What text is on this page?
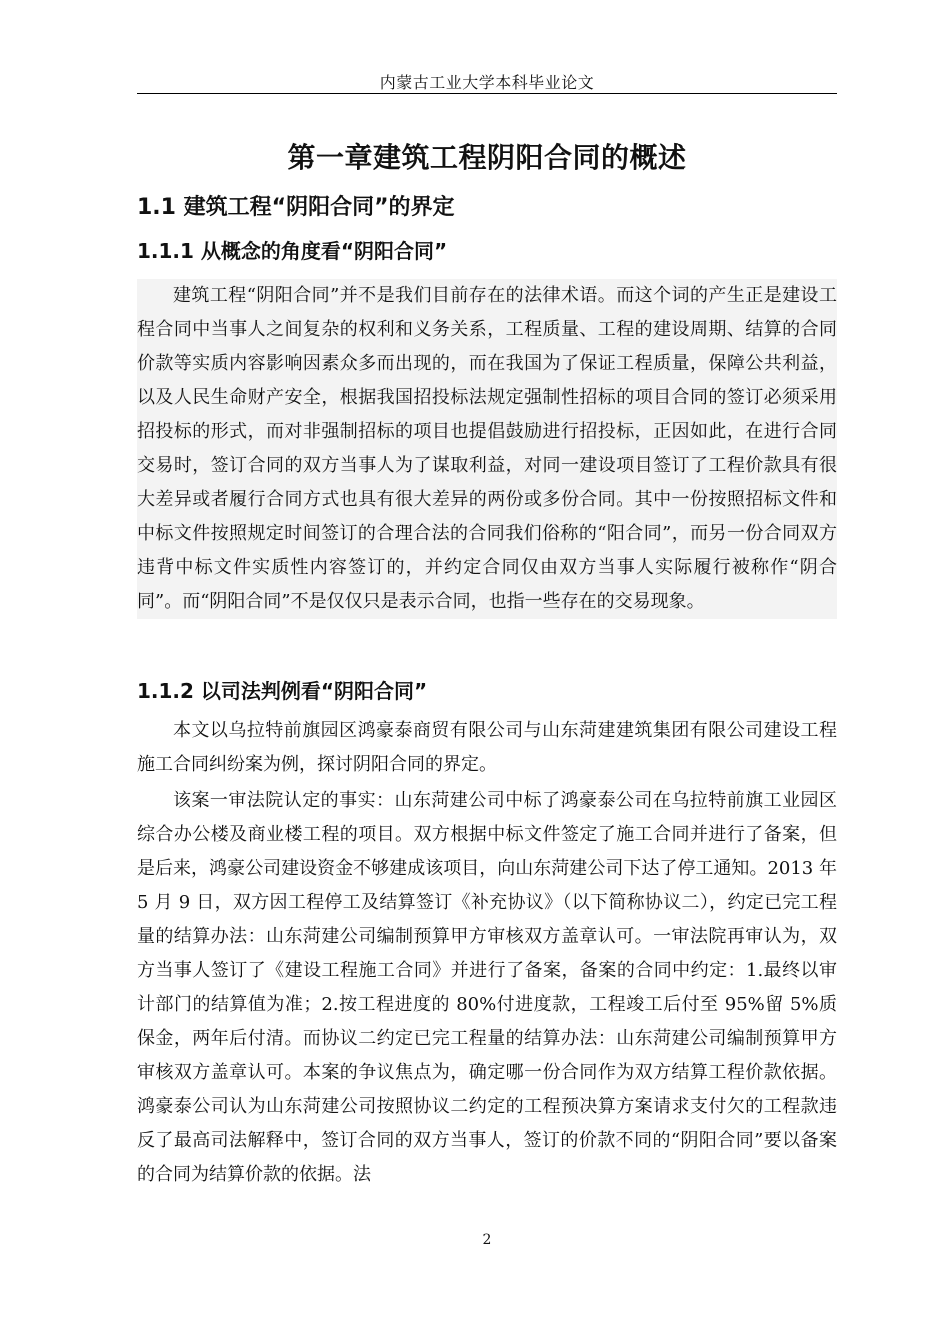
内蒙古工业大学本科毕业论文
第一章建筑工程阴阳合同的概述
1.1 建筑工程“阴阳合同”的界定
1.1.1 从概念的角度看“阴阳合同”

建筑工程“阴阳合同”并不是我们目前存在的法律术语。而这个词的产生正是建设工程合同中当事人之间复杂的权利和义务关系，工程质量、工程的建设周期、结算的合同价款等实质内容影响因素众多而出现的，而在我国为了保证工程质量，保障公共利益，以及人民生命财产安全，根据我国招投标法规定强制性招标的项目合同的签订必须采用招投标的形式，而对非强制招标的项目也提倡鼓励进行招投标，正因如此，在进行合同交易时，签订合同的双方当事人为了谋取利益，对同一建设项目签订了工程价款具有很大差异或者履行合同方式也具有很大差异的两份或多份合同。其中一份按照招标文件和中标文件按照规定时间签订的合理合法的合同我们俗称的“阳合同”，而另一份合同双方违背中标文件实质性内容签订的，并约定合同仅由双方当事人实际履行被称作“阴合同”。而“阴阳合同”不是仅仅只是表示合同，也指一些存在的交易现象。

1.1.2 以司法判例看“阴阳合同”

本文以乌拉特前旗园区鸿豪泰商贸有限公司与山东菏建建筑集团有限公司建设工程施工合同纠纷案为例，探讨阴阳合同的界定。

该案一审法院认定的事实：山东菏建公司中标了鸿豪泰公司在乌拉特前旗工业园区综合办公楼及商业楼工程的项目。双方根据中标文件签定了施工合同并进行了备案，但是后来，鸿豪公司建设资金不够建成该项目，向山东菏建公司下达了停工通知。2013 年 5 月 9 日，双方因工程停工及结算签订《补充协议》（以下简称协议二），约定已完工程量的结算办法：山东菏建公司编制预算甲方审核双方盖章认可。一审法院再审认为，双方当事人签订了《建设工程施工合同》并进行了备案，备案的合同中约定：1.最终以审计部门的结算值为准；2.按工程进度的 80%付进度款，工程竣工后付至 95%留 5%质保金，两年后付清。而协议二约定已完工程量的结算办法：山东菏建公司编制预算甲方审核双方盖章认可。本案的争议焦点为，确定哪一份合同作为双方结算工程价款依据。鸿豪泰公司认为山东菏建公司按照协议二约定的工程预决算方案请求支付欠的工程款违反了最高司法解释中，签订合同的双方当事人，签订的价款不同的“阴阳合同”要以备案的合同为结算价款的依据。法

2
